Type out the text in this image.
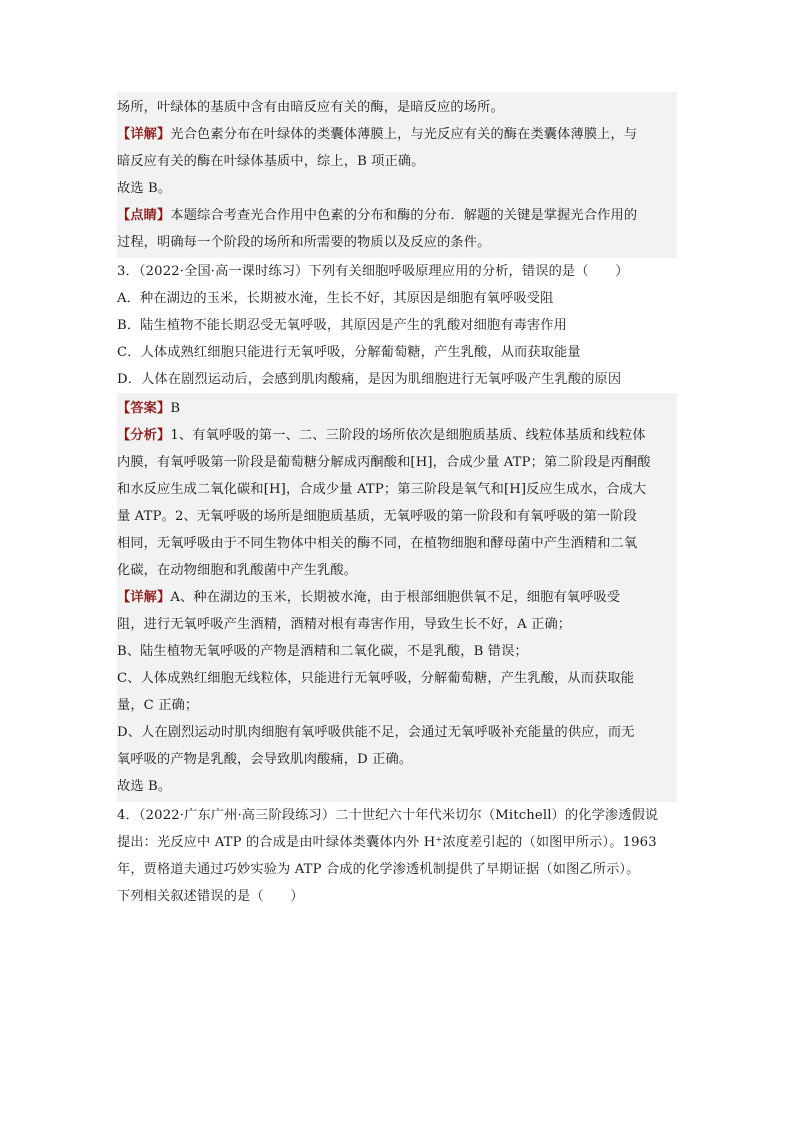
场所，叶绿体的基质中含有由暗反应有关的酶，是暗反应的场所。
【详解】光合色素分布在叶绿体的类囊体薄膜上，与光反应有关的酶在类囊体薄膜上，与
暗反应有关的酶在叶绿体基质中，综上，B 项正确。
故选 B。
【点睛】本题综合考查光合作用中色素的分布和酶的分布．解题的关键是掌握光合作用的
过程，明确每一个阶段的场所和所需要的物质以及反应的条件。
3．（2022·全国·高一课时练习）下列有关细胞呼吸原理应用的分析，错误的是（　　）
A．种在湖边的玉米，长期被水淹，生长不好，其原因是细胞有氧呼吸受阻
B．陆生植物不能长期忍受无氧呼吸，其原因是产生的乳酸对细胞有毒害作用
C．人体成熟红细胞只能进行无氧呼吸，分解葡萄糖，产生乳酸，从而获取能量
D．人体在剧烈运动后，会感到肌肉酸痛，是因为肌细胞进行无氧呼吸产生乳酸的原因
【答案】B
【分析】1、有氧呼吸的第一、二、三阶段的场所依次是细胞质基质、线粒体基质和线粒体
内膜，有氧呼吸第一阶段是葡萄糖分解成丙酮酸和[H]，合成少量 ATP；第二阶段是丙酮酸
和水反应生成二氧化碳和[H]，合成少量 ATP；第三阶段是氧气和[H]反应生成水，合成大
量 ATP。2、无氧呼吸的场所是细胞质基质，无氧呼吸的第一阶段和有氧呼吸的第一阶段
相同，无氧呼吸由于不同生物体中相关的酶不同，在植物细胞和酵母菌中产生酒精和二氧
化碳，在动物细胞和乳酸菌中产生乳酸。
【详解】A、种在湖边的玉米，长期被水淹，由于根部细胞供氧不足，细胞有氧呼吸受
阻，进行无氧呼吸产生酒精，酒精对根有毒害作用，导致生长不好，A 正确；
B、陆生植物无氧呼吸的产物是酒精和二氧化碳，不是乳酸，B 错误；
C、人体成熟红细胞无线粒体，只能进行无氧呼吸，分解葡萄糖，产生乳酸，从而获取能
量，C 正确；
D、人在剧烈运动时肌肉细胞有氧呼吸供能不足，会通过无氧呼吸补充能量的供应，而无
氧呼吸的产物是乳酸，会导致肌肉酸痛，D 正确。
故选 B。
4．（2022·广东广州·高三阶段练习）二十世纪六十年代米切尔（Mitchell）的化学渗透假说
提出：光反应中 ATP 的合成是由叶绿体类囊体内外 H⁺浓度差引起的（如图甲所示）。1963
年，贾格道夫通过巧妙实验为 ATP 合成的化学渗透机制提供了早期证据（如图乙所示）。
下列相关叙述错误的是（　　）
